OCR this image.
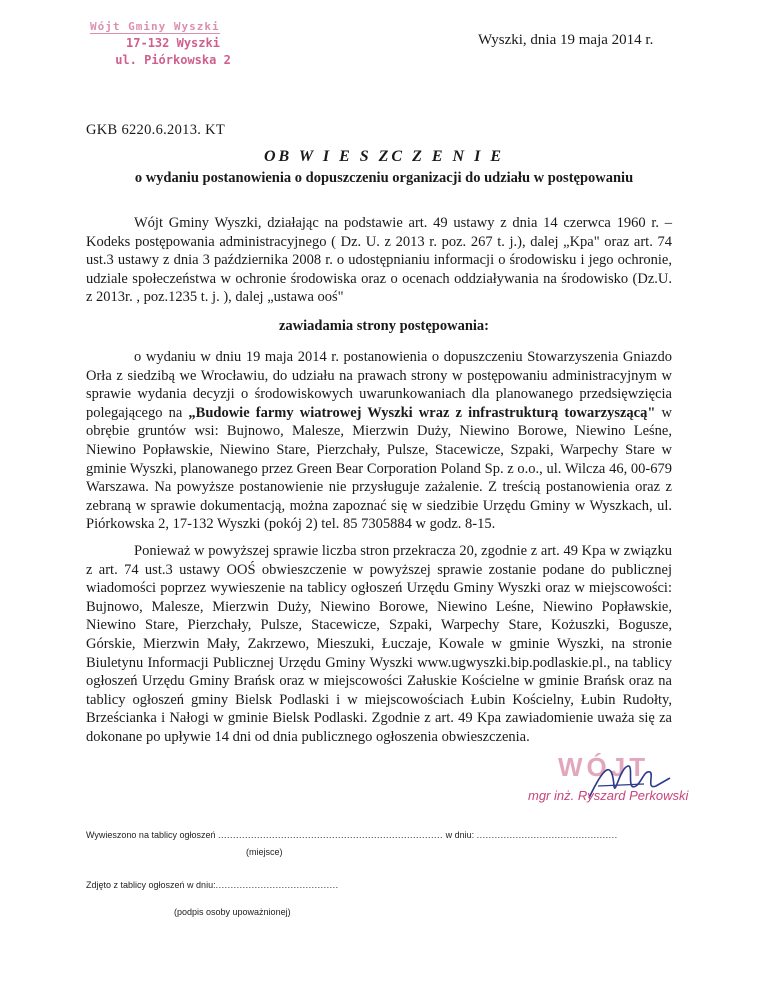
Wójt Gminy Wyszki
17-132 Wyszki
ul. Piórkowska 2
Wyszki, dnia 19 maja 2014 r.
GKB 6220.6.2013. KT
OB W I E S ZC Z E N I E
o wydaniu postanowienia o dopuszczeniu organizacji do udziału w postępowaniu

Wójt Gminy Wyszki, działając na podstawie art. 49 ustawy z dnia 14 czerwca 1960 r. – Kodeks postępowania administracyjnego ( Dz. U. z 2013 r. poz. 267 t. j.), dalej „Kpa" oraz art. 74 ust.3 ustawy z dnia 3 października 2008 r. o udostępnianiu informacji o środowisku i jego ochronie, udziale społeczeństwa w ochronie środowiska oraz o ocenach oddziaływania na środowisko (Dz.U. z 2013r. , poz.1235 t. j. ), dalej „ustawa ooś"

zawiadamia strony postępowania:

o wydaniu w dniu 19 maja 2014 r. postanowienia o dopuszczeniu Stowarzyszenia Gniazdo Orła z siedzibą we Wrocławiu, do udziału na prawach strony w postępowaniu administracyjnym w sprawie wydania decyzji o środowiskowych uwarunkowaniach dla planowanego przedsięwzięcia polegającego na „Budowie farmy wiatrowej Wyszki wraz z infrastrukturą towarzyszącą" w obrębie gruntów wsi: Bujnowo, Malesze, Mierzwin Duży, Niewino Borowe, Niewino Leśne, Niewino Popławskie, Niewino Stare, Pierzchały, Pulsze, Stacewicze, Szpaki, Warpechy Stare w gminie Wyszki, planowanego przez Green Bear Corporation Poland Sp. z o.o., ul. Wilcza 46, 00-679 Warszawa. Na powyższe postanowienie nie przysługuje zażalenie. Z treścią postanowienia oraz z zebraną w sprawie dokumentacją, można zapoznać się w siedzibie Urzędu Gminy w Wyszkach, ul. Piórkowska 2, 17-132 Wyszki (pokój 2) tel. 85 7305884 w godz. 8-15.

Ponieważ w powyższej sprawie liczba stron przekracza 20, zgodnie z art. 49 Kpa w związku z art. 74 ust.3 ustawy OOŚ obwieszczenie w powyższej sprawie zostanie podane do publicznej wiadomości poprzez wywieszenie na tablicy ogłoszeń Urzędu Gminy Wyszki oraz w miejscowości: Bujnowo, Malesze, Mierzwin Duży, Niewino Borowe, Niewino Leśne, Niewino Popławskie, Niewino Stare, Pierzchały, Pulsze, Stacewicze, Szpaki, Warpechy Stare, Kożuszki, Bogusze, Górskie, Mierzwin Mały, Zakrzewo, Mieszuki, Łuczaje, Kowale w gminie Wyszki, na stronie Biuletynu Informacji Publicznej Urzędu Gminy Wyszki www.ugwyszki.bip.podlaskie.pl., na tablicy ogłoszeń Urzędu Gminy Brańsk oraz w miejscowości Załuskie Kościelne w gminie Brańsk oraz na tablicy ogłoszeń gminy Bielsk Podlaski i w miejscowościach Łubin Kościelny, Łubin Rudołty, Brześcianka i Nałogi w gminie Bielsk Podlaski. Zgodnie z art. 49 Kpa zawiadomienie uważa się za dokonane po upływie 14 dni od dnia publicznego ogłoszenia obwieszczenia.

WÓJT
mgr inż. Ryszard Perkowski
Wywieszono na tablicy ogłoszeń ........................................................................... w dniu: ...............................................
(miejsce)
Zdjęto z tablicy ogłoszeń w dniu:.........................................
(podpis osoby upoważnionej)
